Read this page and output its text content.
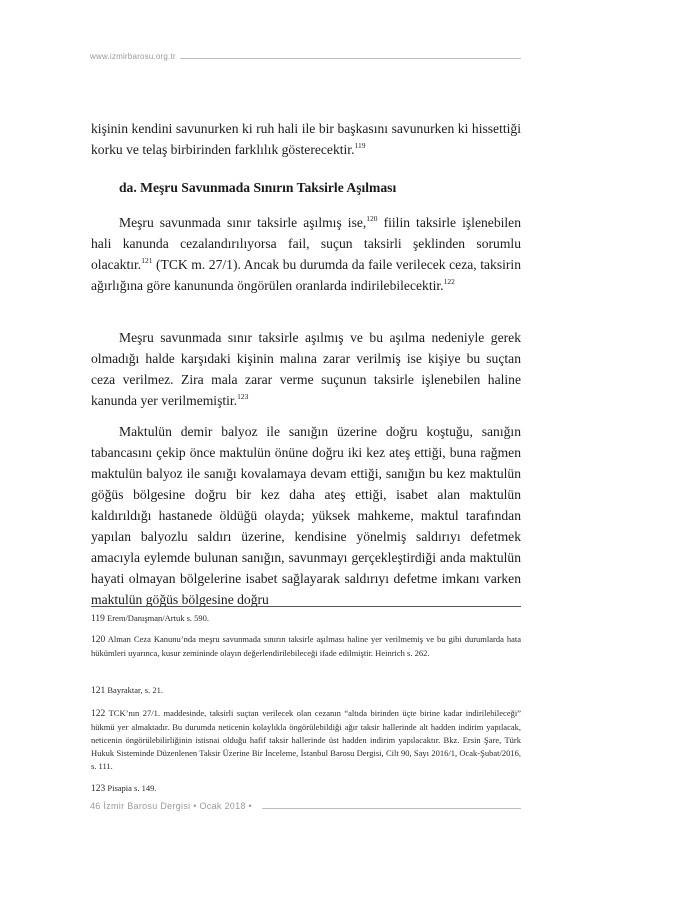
www.izmirbarosu.org.tr

kişinin kendini savunurken ki ruh hali ile bir başkasını savunurken ki hissettiği korku ve telaş birbirinden farklılık gösterecektir.$^{119}$

da. Meşru Savunmada Sınırın Taksirle Aşılması

Meşru savunmada sınır taksirle aşılmış ise,$^{120}$ fiilin taksirle işlenebilen hali kanunda cezalandırılıyorsa fail, suçun taksirli şeklinden sorumlu olacaktır.$^{121}$ (TCK m. 27/1). Ancak bu durumda da faile verilecek ceza, taksirin ağırlığına göre kanununda öngörülen oranlarda indirilebilecektir.$^{122}$

Meşru savunmada sınır taksirle aşılmış ve bu aşılma nedeniyle gerek olmadığı halde karşıdaki kişinin malına zarar verilmiş ise kişiye bu suçtan ceza verilmez. Zira mala zarar verme suçunun taksirle işlenebilen haline kanunda yer verilmemiştir.$^{123}$

Maktulün demir balyoz ile sanığın üzerine doğru koştuğu, sanığın tabancasını çekip önce maktulün önüne doğru iki kez ateş ettiği, buna rağmen maktulün balyoz ile sanığı kovalamaya devam ettiği, sanığın bu kez maktulün göğüs bölgesine doğru bir kez daha ateş ettiği, isabet alan maktulün kaldırıldığı hastanede öldüğü olayda; yüksek mahkeme, maktul tarafından yapılan balyozlu saldırı üzerine, kendisine yönelmiş saldırıyı defetmek amacıyla eylemde bulunan sanığın, savunmayı gerçekleştirdiği anda maktulün hayati olmayan bölgelerine isabet sağlayarak saldırıyı defetme imkanı varken maktulün göğüs bölgesine doğru

119 Erem/Danışman/Artuk s. 590.
120 Alman Ceza Kanunu’nda meşru savunmada sınırın taksirle aşılması haline yer verilmemiş ve bu gibi durumlarda hata hükümleri uyarınca, kusur zemininde olayın değerlendirilebileceği ifade edilmiştir. Heinrich s. 262.
121 Bayraktar, s. 21.
122 TCK’nın 27/1. maddesinde, taksirli suçtan verilecek olan cezanın “altıda birinden üçte birine kadar indirilebileceği” hükmü yer almaktadır. Bu durumda neticenin kolaylıkla öngörülebildiği ağır taksir hallerinde alt hadden indirim yapılacak, neticenin öngörülebilirliğinin istisnai olduğu hafif taksir hallerinde üst hadden indirim yapılacaktır. Bkz. Ersin Şare, Türk Hukuk Sisteminde Düzenlenen Taksir Üzerine Bir İnceleme, İstanbul Barosu Dergisi, Cilt 90, Sayı 2016/1, Ocak-Şubat/2016, s. 111.
123 Pisapia s. 149.
46 İzmir Barosu Dergisi • Ocak 2018 •
